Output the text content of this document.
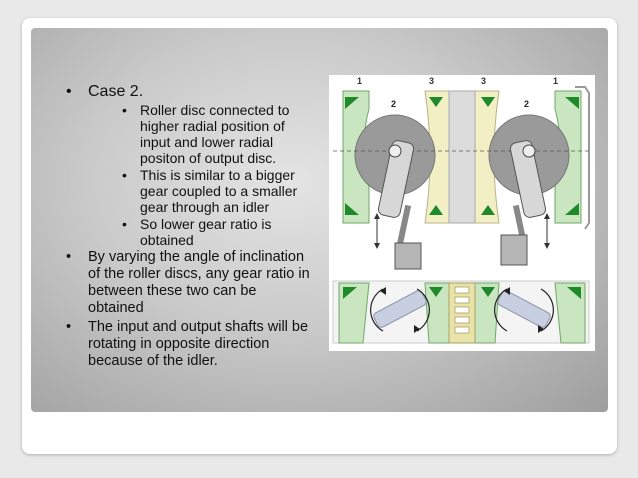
• Case 2.
• Roller disc connected to higher radial position of input and lower radial positon of output disc.
• This is similar to a bigger gear coupled to a smaller gear through an idler
• So lower gear ratio is obtained
• By varying the angle of inclination of the roller discs, any gear ratio in between these two can be obtained
• The input and output shafts will be rotating in opposite direction because of the idler.
1	3	3	1
2	2
